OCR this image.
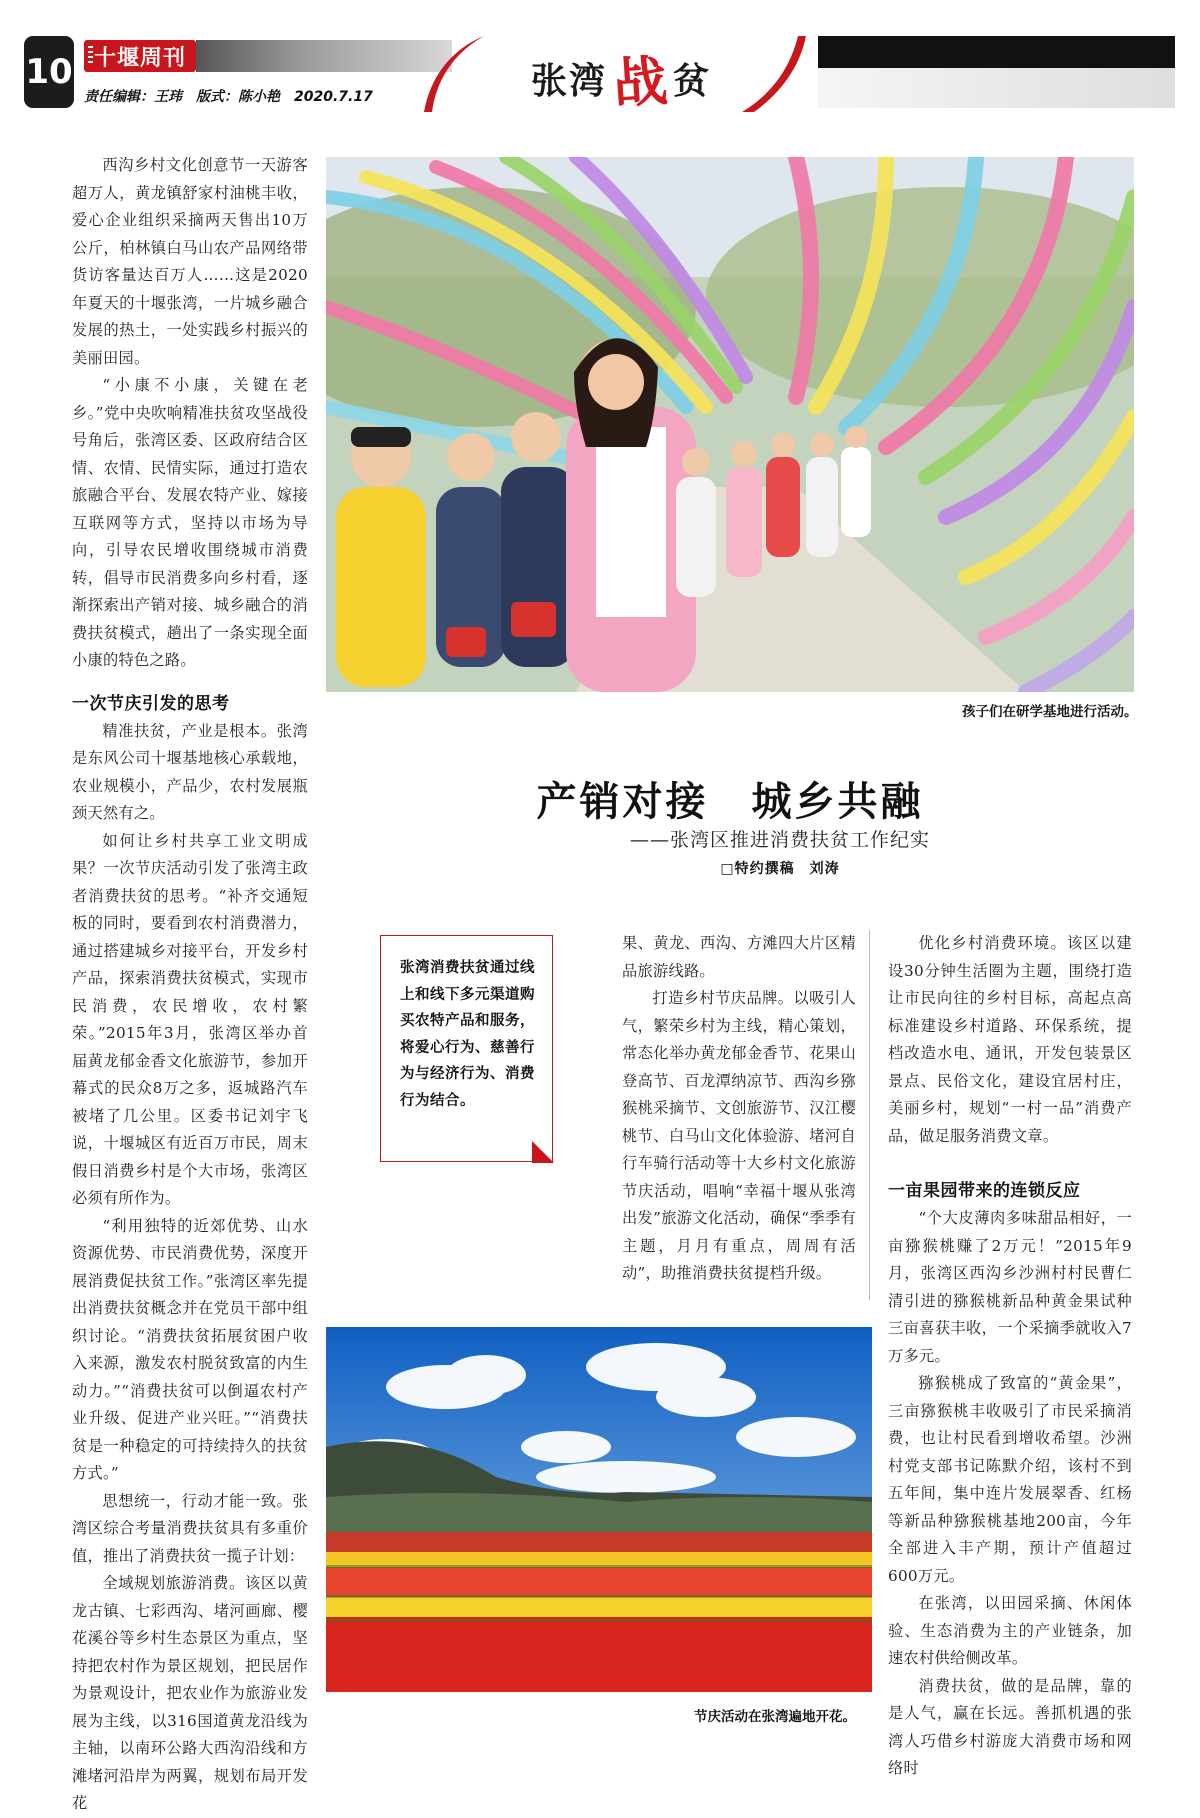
10 十堰周刊
责任编辑：王玮　版式：陈小艳　2020.7.17	张湾 战 贫

西沟乡村文化创意节一天游客超万人，黄龙镇舒家村油桃丰收，爱心企业组织采摘两天售出10万公斤，柏林镇白马山农产品网络带货访客量达百万人……这是2020年夏天的十堰张湾，一片城乡融合发展的热土，一处实践乡村振兴的美丽田园。

“小康不小康，关键在老乡。”党中央吹响精准扶贫攻坚战役号角后，张湾区委、区政府结合区情、农情、民情实际，通过打造农旅融合平台、发展农特产业、嫁接互联网等方式，坚持以市场为导向，引导农民增收围绕城市消费转，倡导市民消费多向乡村看，逐渐探索出产销对接、城乡融合的消费扶贫模式，趟出了一条实现全面小康的特色之路。

一次节庆引发的思考

精准扶贫，产业是根本。张湾是东风公司十堰基地核心承载地，农业规模小，产品少，农村发展瓶颈天然有之。

如何让乡村共享工业文明成果？一次节庆活动引发了张湾主政者消费扶贫的思考。“补齐交通短板的同时，要看到农村消费潜力，通过搭建城乡对接平台，开发乡村产品，探索消费扶贫模式，实现市民消费，农民增收，农村繁荣。”2015年3月，张湾区举办首届黄龙郁金香文化旅游节，参加开幕式的民众8万之多，返城路汽车被堵了几公里。区委书记刘宇飞说，十堰城区有近百万市民，周末假日消费乡村是个大市场，张湾区必须有所作为。

“利用独特的近郊优势、山水资源优势、市民消费优势，深度开展消费促扶贫工作。”张湾区率先提出消费扶贫概念并在党员干部中组织讨论。“消费扶贫拓展贫困户收入来源，激发农村脱贫致富的内生动力。”“消费扶贫可以倒逼农村产业升级、促进产业兴旺。”“消费扶贫是一种稳定的可持续持久的扶贫方式。”

思想统一，行动才能一致。张湾区综合考量消费扶贫具有多重价值，推出了消费扶贫一揽子计划：

全域规划旅游消费。该区以黄龙古镇、七彩西沟、堵河画廊、樱花溪谷等乡村生态景区为重点，坚持把农村作为景区规划，把民居作为景观设计，把农业作为旅游业发展为主线，以316国道黄龙沿线为主轴，以南环公路大西沟沿线和方滩堵河沿岸为两翼，规划布局开发花

孩子们在研学基地进行活动。
产销对接　城乡共融
——张湾区推进消费扶贫工作纪实
□特约撰稿　刘涛
张湾消费扶贫通过线上和线下多元渠道购买农特产品和服务，将爱心行为、慈善行为与经济行为、消费行为结合。

果、黄龙、西沟、方滩四大片区精品旅游线路。

打造乡村节庆品牌。以吸引人气，繁荣乡村为主线，精心策划，常态化举办黄龙郁金香节、花果山登高节、百龙潭纳凉节、西沟乡猕猴桃采摘节、文创旅游节、汉江樱桃节、白马山文化体验游、堵河自行车骑行活动等十大乡村文化旅游节庆活动，唱响“幸福十堰从张湾出发”旅游文化活动，确保“季季有主题，月月有重点，周周有活动”，助推消费扶贫提档升级。

优化乡村消费环境。该区以建设30分钟生活圈为主题，围绕打造让市民向往的乡村目标，高起点高标准建设乡村道路、环保系统，提档改造水电、通讯，开发包装景区景点、民俗文化，建设宜居村庄，美丽乡村，规划“一村一品”消费产品，做足服务消费文章。

一亩果园带来的连锁反应

“个大皮薄肉多味甜品相好，一亩猕猴桃赚了2万元！”2015年9月，张湾区西沟乡沙洲村村民曹仁清引进的猕猴桃新品种黄金果试种三亩喜获丰收，一个采摘季就收入7万多元。

猕猴桃成了致富的“黄金果”，三亩猕猴桃丰收吸引了市民采摘消费，也让村民看到增收希望。沙洲村党支部书记陈默介绍，该村不到五年间，集中连片发展翠香、红杨等新品种猕猴桃基地200亩，今年全部进入丰产期，预计产值超过600万元。

在张湾，以田园采摘、休闲体验、生态消费为主的产业链条，加速农村供给侧改革。

消费扶贫，做的是品牌，靠的是人气，赢在长远。善抓机遇的张湾人巧借乡村游庞大消费市场和网络时

节庆活动在张湾遍地开花。
